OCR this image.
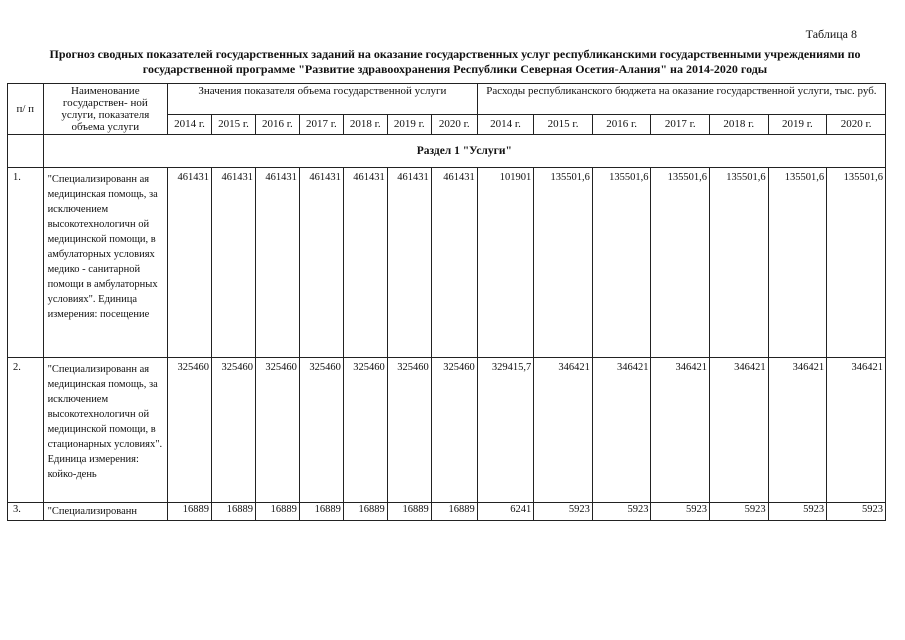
Таблица 8
Прогноз сводных показателей государственных заданий на оказание государственных услуг республиканскими государственными учреждениями по государственной программе "Развитие здравоохранения Республики Северная Осетия-Алания" на 2014-2020 годы
п/ п	Наименование государствен- ной услуги, показателя объема услуги	Значения показателя объема государственной услуги							Расходы республиканского бюджета на оказание государственной услуги, тыс. руб.						
		2014 г.	2015 г.	2016 г.	2017 г.	2018 г.	2019 г.	2020 г.	2014 г.	2015 г.	2016 г.	2017 г.	2018 г.	2019 г.	2020 г.
	Раздел 1 "Услуги"														
1.	"Специализированн ая медицинская помощь, за исключением высокотехнологичн ой медицинской помощи, в амбулаторных условиях медико - санитарной помощи в амбулаторных условиях". Единица измерения: посещение	461431	461431	461431	461431	461431	461431	461431	101901	135501,6	135501,6	135501,6	135501,6	135501,6	135501,6
2.	"Специализированн ая медицинская помощь, за исключением высокотехнологичн ой медицинской помощи, в стационарных условиях". Единица измерения: койко-день	325460	325460	325460	325460	325460	325460	325460	329415,7	346421	346421	346421	346421	346421	346421
3.	"Специализированн	16889	16889	16889	16889	16889	16889	16889	6241	5923	5923	5923	5923	5923	5923
